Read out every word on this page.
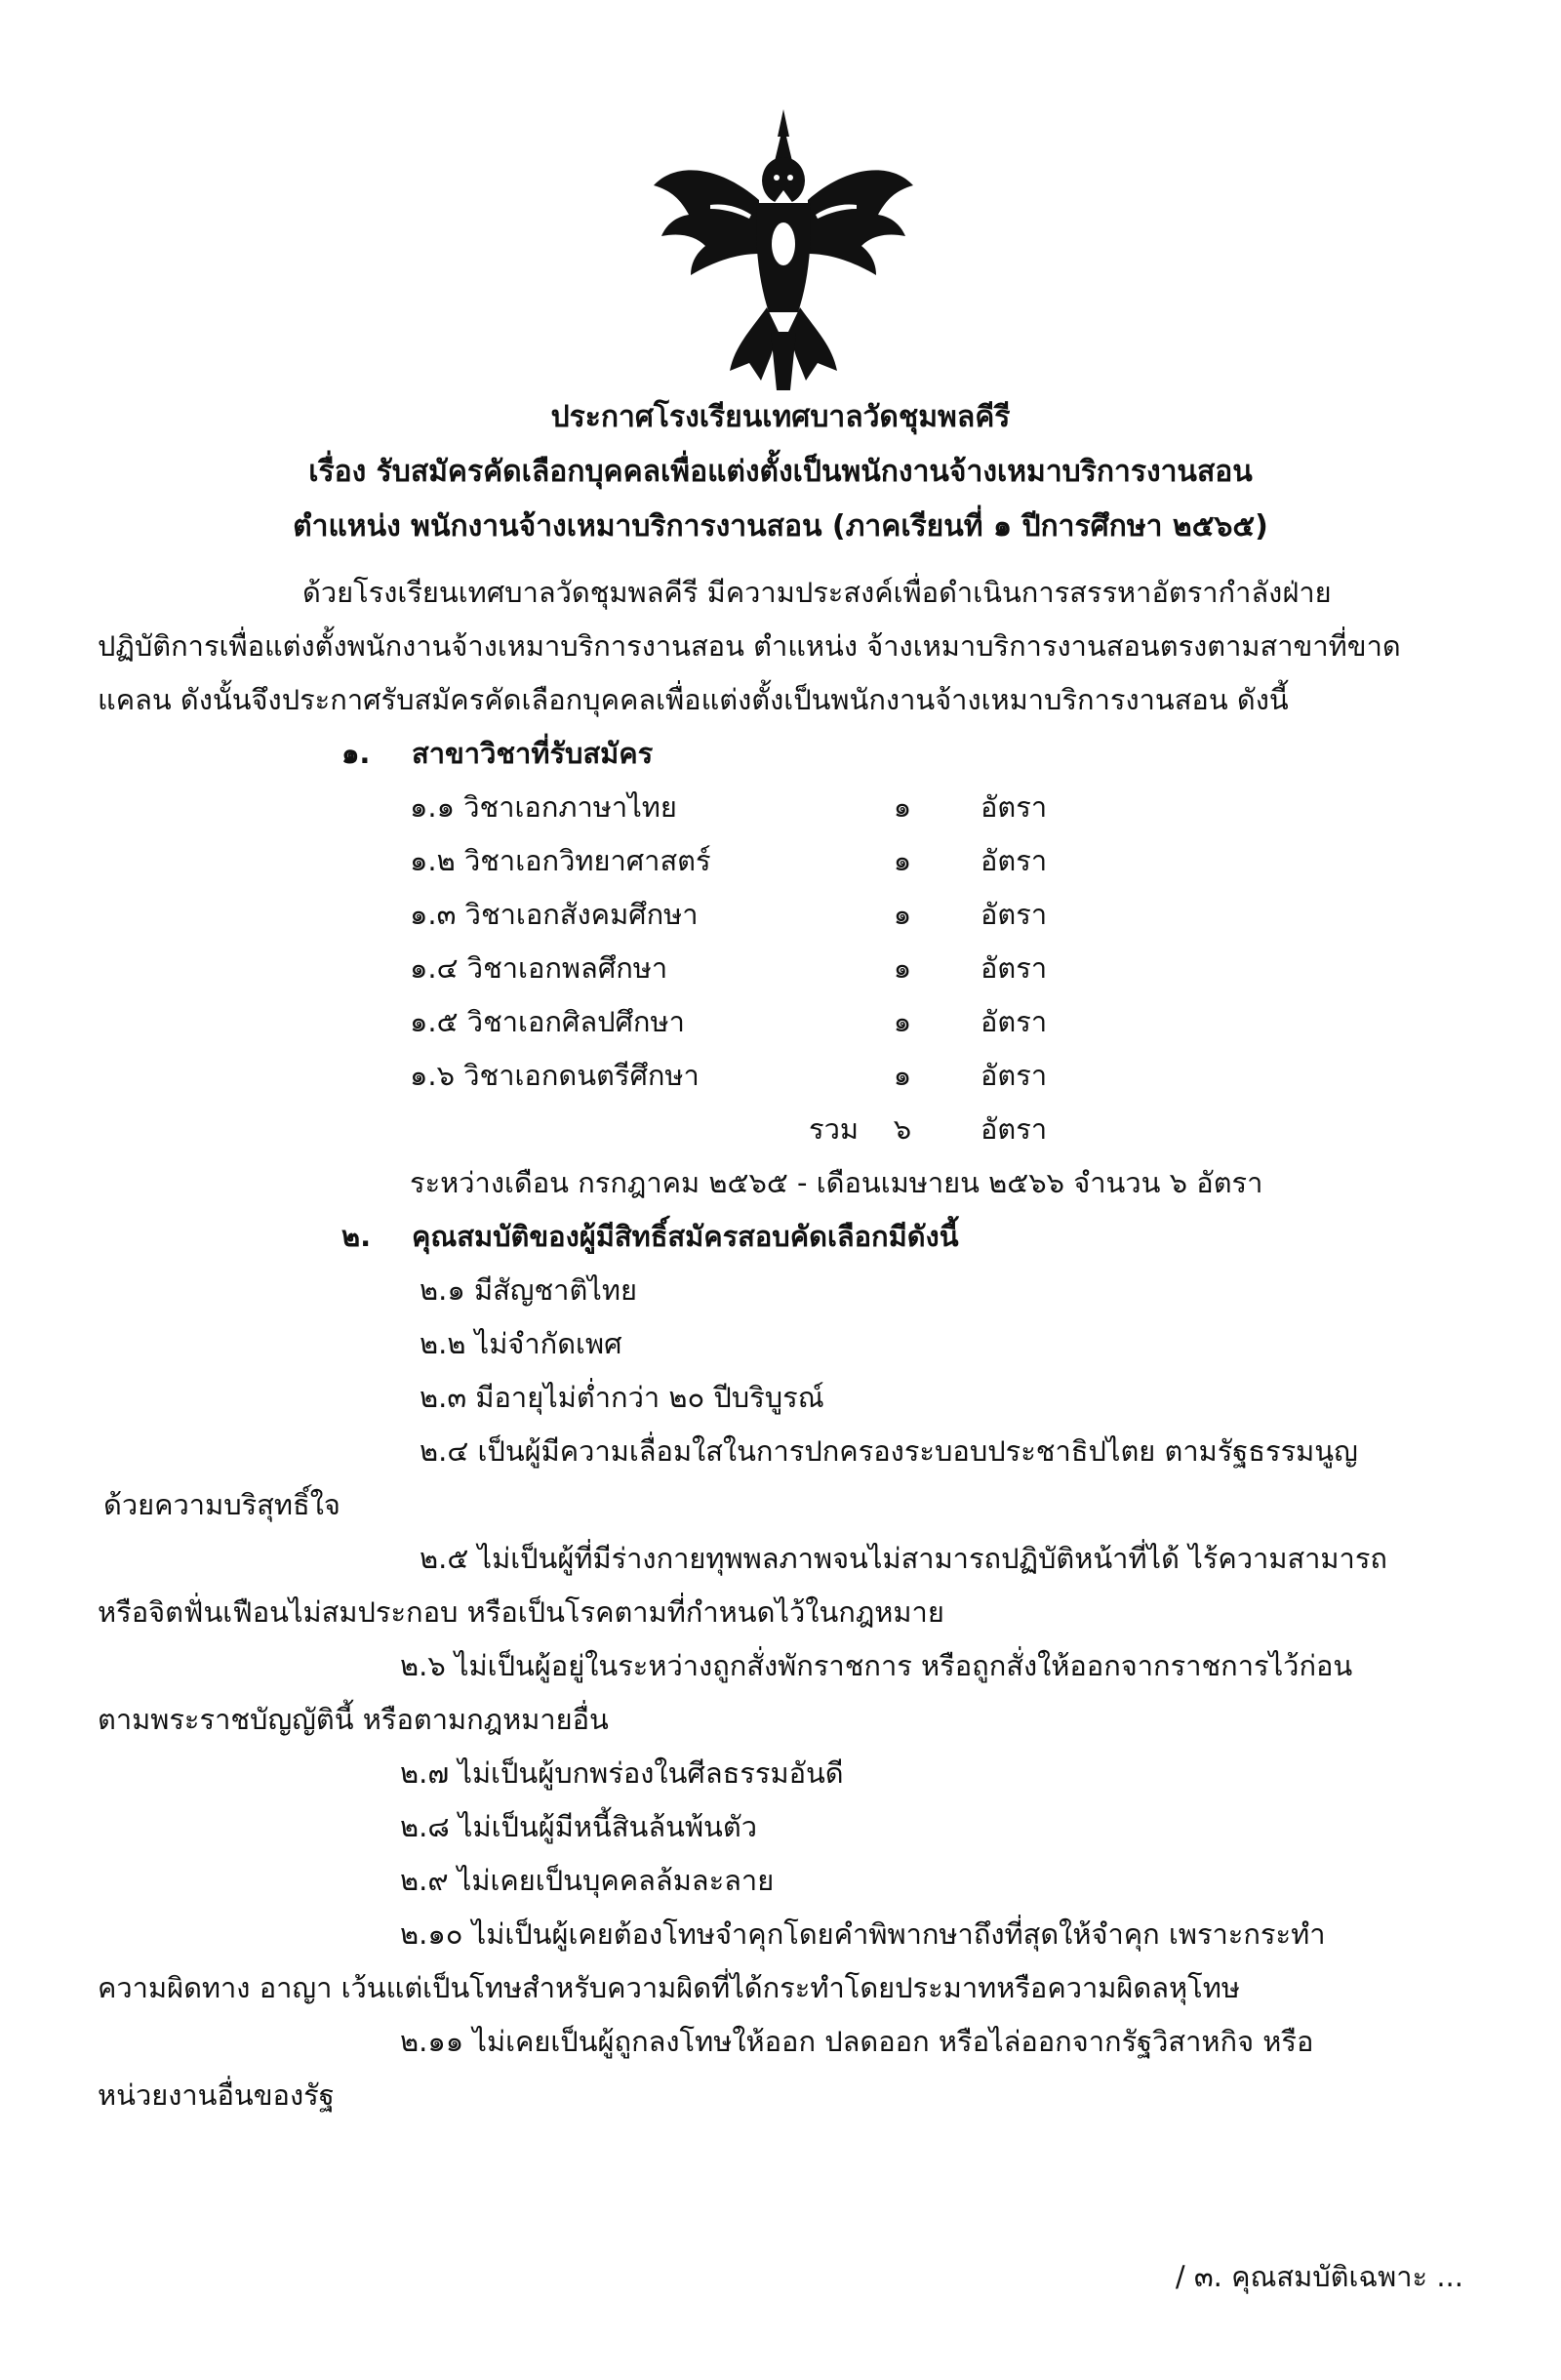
ประกาศโรงเรียนเทศบาลวัดชุมพลคีรี
เรื่อง รับสมัครคัดเลือกบุคคลเพื่อแต่งตั้งเป็นพนักงานจ้างเหมาบริการงานสอน
ตำแหน่ง พนักงานจ้างเหมาบริการงานสอน (ภาคเรียนที่ ๑ ปีการศึกษา ๒๕๖๕)
ด้วยโรงเรียนเทศบาลวัดชุมพลคีรี มีความประสงค์เพื่อดำเนินการสรรหาอัตรากำลังฝ่าย
ปฏิบัติการเพื่อแต่งตั้งพนักงานจ้างเหมาบริการงานสอน ตำแหน่ง จ้างเหมาบริการงานสอนตรงตามสาขาที่ขาด
แคลน ดังนั้นจึงประกาศรับสมัครคัดเลือกบุคคลเพื่อแต่งตั้งเป็นพนักงานจ้างเหมาบริการงานสอน ดังนี้
๑. สาขาวิชาที่รับสมัคร
๑.๑ วิชาเอกภาษาไทย	๑	อัตรา
๑.๒ วิชาเอกวิทยาศาสตร์	๑	อัตรา
๑.๓ วิชาเอกสังคมศึกษา	๑	อัตรา
๑.๔ วิชาเอกพลศึกษา	๑	อัตรา
๑.๕ วิชาเอกศิลปศึกษา	๑	อัตรา
๑.๖ วิชาเอกดนตรีศึกษา	๑	อัตรา
รวม	๖	อัตรา
ระหว่างเดือน กรกฎาคม ๒๕๖๕ - เดือนเมษายน ๒๕๖๖ จำนวน ๖ อัตรา
๒. คุณสมบัติของผู้มีสิทธิ์สมัครสอบคัดเลือกมีดังนี้
๒.๑ มีสัญชาติไทย
๒.๒ ไม่จำกัดเพศ
๒.๓ มีอายุไม่ต่ำกว่า ๒๐ ปีบริบูรณ์
๒.๔ เป็นผู้มีความเลื่อมใสในการปกครองระบอบประชาธิปไตย ตามรัฐธรรมนูญ
ด้วยความบริสุทธิ์ใจ
๒.๕ ไม่เป็นผู้ที่มีร่างกายทุพพลภาพจนไม่สามารถปฏิบัติหน้าที่ได้ ไร้ความสามารถ
หรือจิตฟั่นเฟือนไม่สมประกอบ หรือเป็นโรคตามที่กำหนดไว้ในกฎหมาย
๒.๖ ไม่เป็นผู้อยู่ในระหว่างถูกสั่งพักราชการ หรือถูกสั่งให้ออกจากราชการไว้ก่อน
ตามพระราชบัญญัตินี้ หรือตามกฎหมายอื่น
๒.๗ ไม่เป็นผู้บกพร่องในศีลธรรมอันดี
๒.๘ ไม่เป็นผู้มีหนี้สินล้นพ้นตัว
๒.๙ ไม่เคยเป็นบุคคลล้มละลาย
๒.๑๐ ไม่เป็นผู้เคยต้องโทษจำคุกโดยคำพิพากษาถึงที่สุดให้จำคุก เพราะกระทำ
ความผิดทาง อาญา เว้นแต่เป็นโทษสำหรับความผิดที่ได้กระทำโดยประมาทหรือความผิดลหุโทษ
๒.๑๑ ไม่เคยเป็นผู้ถูกลงโทษให้ออก ปลดออก หรือไล่ออกจากรัฐวิสาหกิจ หรือ
หน่วยงานอื่นของรัฐ
/ ๓. คุณสมบัติเฉพาะ ...
